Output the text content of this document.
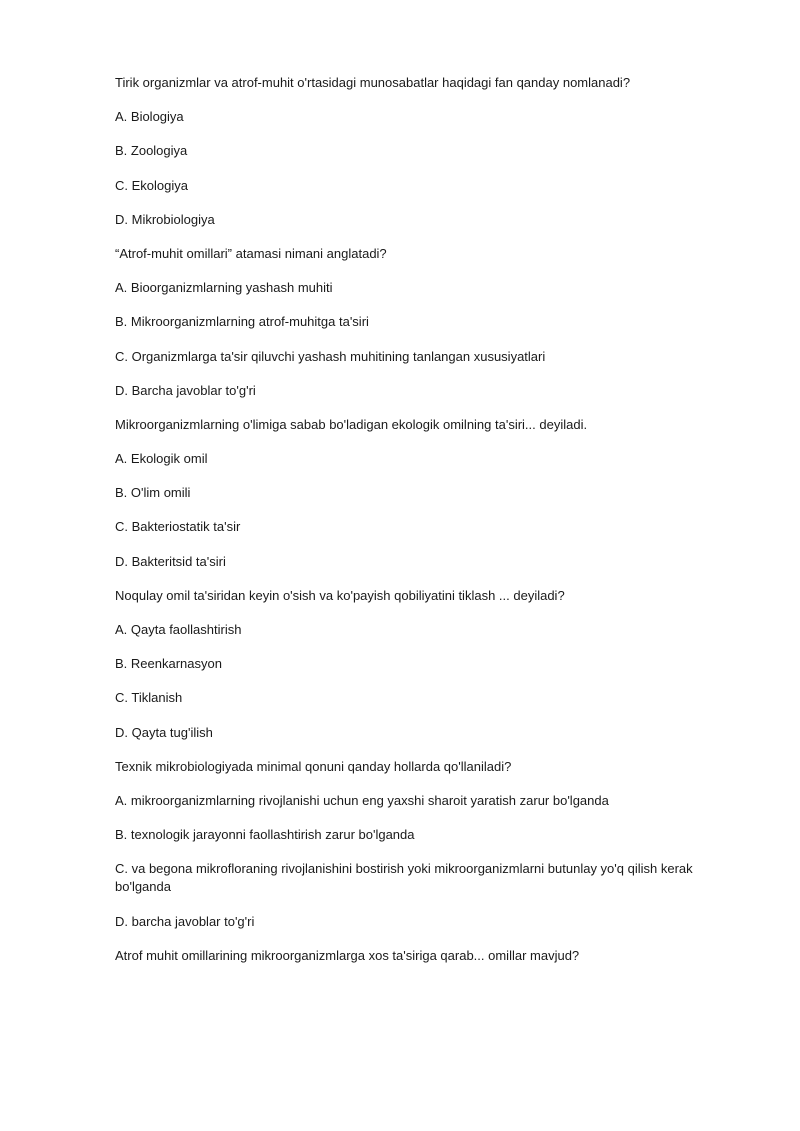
Tirik organizmlar va atrof-muhit o'rtasidagi munosabatlar haqidagi fan qanday nomlanadi?

A. Biologiya

B. Zoologiya

C. Ekologiya

D. Mikrobiologiya

“Atrof-muhit omillari” atamasi nimani anglatadi?

A. Bioorganizmlarning yashash muhiti

B. Mikroorganizmlarning atrof-muhitga ta'siri

C. Organizmlarga ta'sir qiluvchi yashash muhitining tanlangan xususiyatlari

D. Barcha javoblar to'g'ri

Mikroorganizmlarning o'limiga sabab bo'ladigan ekologik omilning ta'siri... deyiladi.

A. Ekologik omil

B. O'lim omili

C. Bakteriostatik ta'sir

D. Bakteritsid ta'siri

Noqulay omil ta'siridan keyin o'sish va ko'payish qobiliyatini tiklash ... deyiladi?

A. Qayta faollashtirish

B. Reenkarnasyon

C. Tiklanish

D. Qayta tug'ilish

Texnik mikrobiologiyada minimal qonuni qanday hollarda qo'llaniladi?

A. mikroorganizmlarning rivojlanishi uchun eng yaxshi sharoit yaratish zarur bo'lganda

B. texnologik jarayonni faollashtirish zarur bo'lganda

C. va begona mikrofloraning rivojlanishini bostirish yoki mikroorganizmlarni butunlay yo'q qilish kerak bo'lganda

D. barcha javoblar to'g'ri

Atrof muhit omillarining mikroorganizmlarga xos ta'siriga qarab... omillar mavjud?
